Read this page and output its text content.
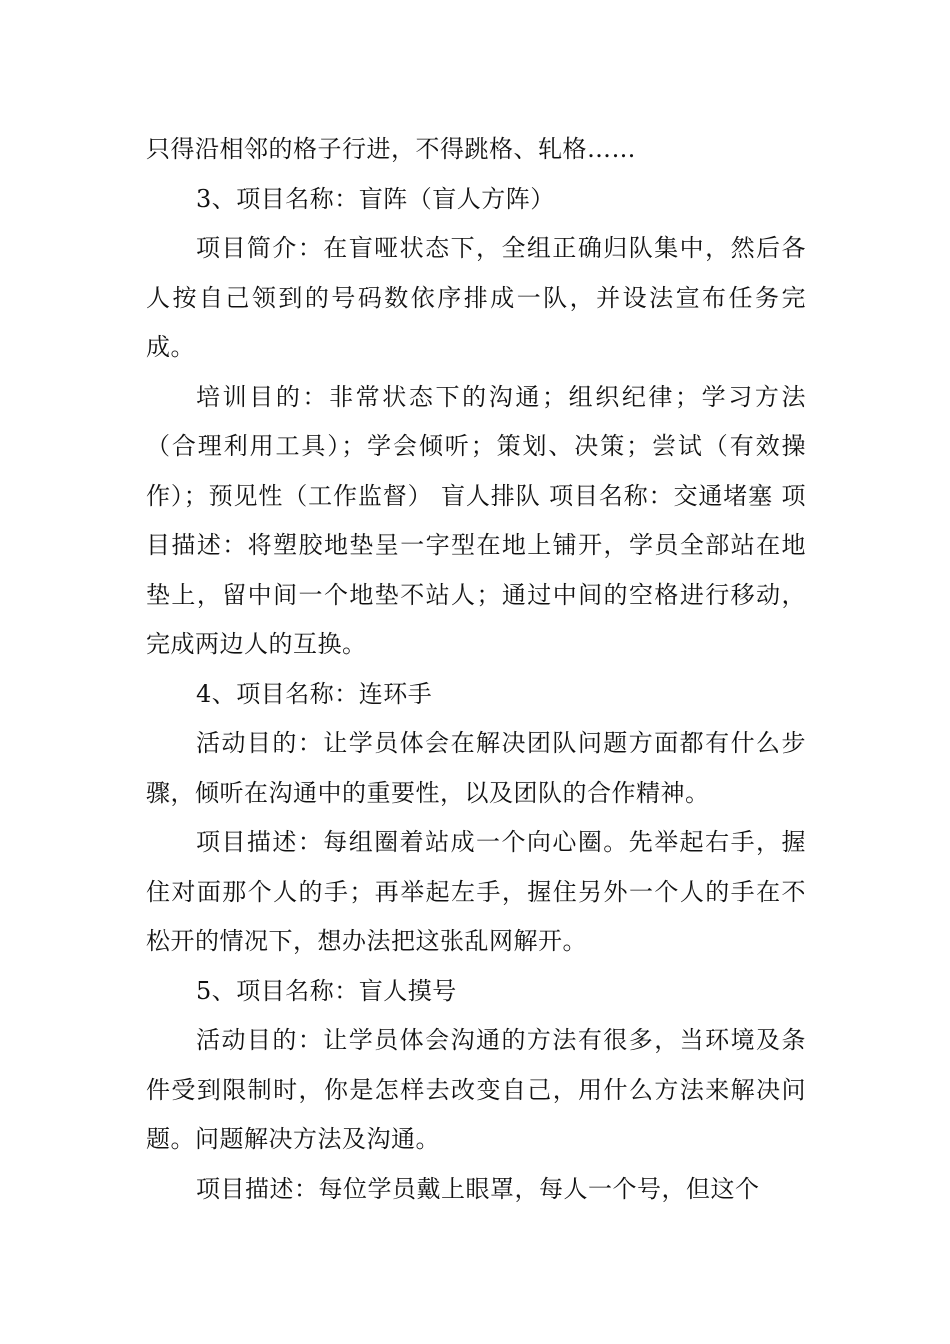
只得沿相邻的格子行进，不得跳格、轧格……

3、项目名称：盲阵（盲人方阵）

项目简介：在盲哑状态下，全组正确归队集中，然后各人按自己领到的号码数依序排成一队，并设法宣布任务完成。

培训目的：非常状态下的沟通；组织纪律；学习方法（合理利用工具）；学会倾听；策划、决策；尝试（有效操作）；预见性（工作监督） 盲人排队 项目名称：交通堵塞 项目描述：将塑胶地垫呈一字型在地上铺开，学员全部站在地垫上，留中间一个地垫不站人；通过中间的空格进行移动，完成两边人的互换。

4、项目名称：连环手

活动目的：让学员体会在解决团队问题方面都有什么步骤，倾听在沟通中的重要性，以及团队的合作精神。

项目描述：每组圈着站成一个向心圈。先举起右手，握住对面那个人的手；再举起左手，握住另外一个人的手在不松开的情况下，想办法把这张乱网解开。

5、项目名称：盲人摸号

活动目的：让学员体会沟通的方法有很多，当环境及条件受到限制时，你是怎样去改变自己，用什么方法来解决问题。问题解决方法及沟通。

项目描述：每位学员戴上眼罩，每人一个号，但这个
